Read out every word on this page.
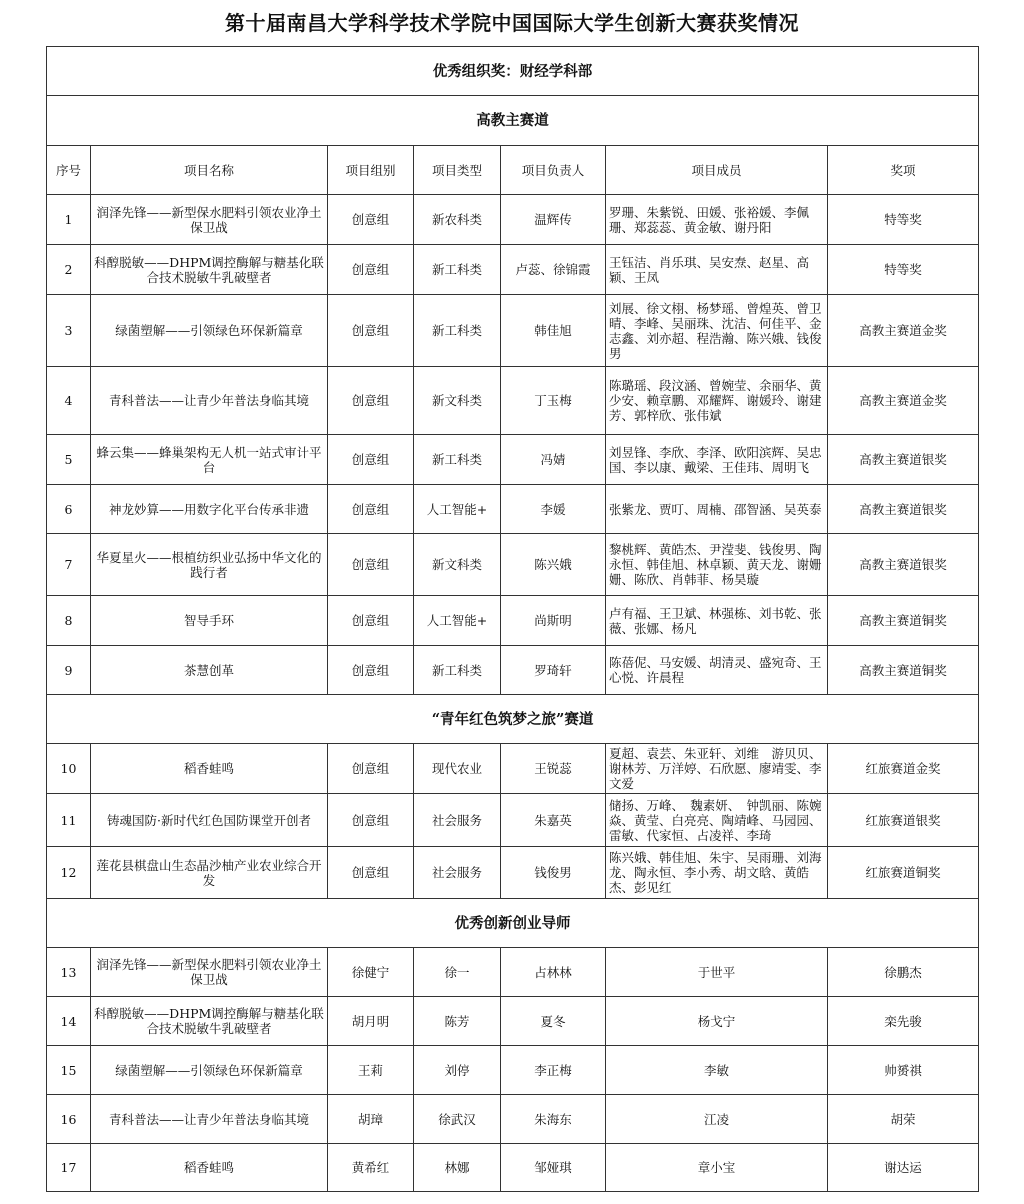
第十届南昌大学科学技术学院中国国际大学生创新大赛获奖情况
优秀组织奖：财经学科部						
高教主赛道						
序号	项目名称	项目组别	项目类型	项目负责人	项目成员	奖项
1	润泽先锋——新型保水肥料引领农业净土保卫战	创意组	新农科类	温辉传	罗珊、朱紫锐、田媛、张裕媛、李佩珊、郑蕊蕊、黄金敏、谢丹阳	特等奖
2	科醇脱敏——DHPM调控酶解与糖基化联合技术脱敏牛乳破壁者	创意组	新工科类	卢蕊、徐锦霞	王钰洁、肖乐琪、吴安焘、赵星、高颖、王凤	特等奖
3	绿菌塑解——引领绿色环保新篇章	创意组	新工科类	韩佳旭	刘展、徐文栩、杨梦瑶、曾煌英、曾卫晴、李峰、吴丽珠、沈洁、何佳平、金志鑫、刘亦超、程浩瀚、陈兴娥、钱俊男	高教主赛道金奖
4	青科普法——让青少年普法身临其境	创意组	新文科类	丁玉梅	陈璐瑶、段汶涵、曾婉莹、余丽华、黄少安、赖章鹏、邓耀辉、谢媛玲、谢建芳、郭梓欣、张伟斌	高教主赛道金奖
5	蜂云集——蜂巢架构无人机一站式审计平台	创意组	新工科类	冯婧	刘昱锋、李欣、李泽、欧阳滨辉、吴忠国、李以康、戴梁、王佳玮、周明飞	高教主赛道银奖
6	神龙妙算——用数字化平台传承非遗	创意组	人工智能+	李媛	张紫龙、贾叮、周楠、邵智涵、吴英泰	高教主赛道银奖
7	华夏星火——根植纺织业弘扬中华文化的　践行者	创意组	新文科类	陈兴娥	黎桃辉、黄皓杰、尹滢斐、钱俊男、陶永恒、韩佳旭、林卓颖、黄天龙、谢姗姗、陈欣、肖韩菲、杨昊璇	高教主赛道银奖
8	智导手环	创意组	人工智能+	尚斯明	卢有福、王卫斌、林强栋、刘书乾、张薇、张娜、杨凡	高教主赛道铜奖
9	茶慧创革	创意组	新工科类	罗琦轩	陈蓓伲、马安媛、胡清灵、盛宛奇、王心悦、许晨程	高教主赛道铜奖
“青年红色筑梦之旅”赛道						
10	稻香蛙鸣	创意组	现代农业	王锐蕊	夏超、袁芸、朱亚轩、刘维　游贝贝、谢林芳、万洋婷、石欣愿、廖靖雯、李文爱	红旅赛道金奖
11	铸魂国防·新时代红色国防课堂开创者	创意组	社会服务	朱嘉英	储扬、万峰、　魏素妍、　钟凯丽、陈婉焱、黄莹、白亮亮、陶靖峰、马园园、雷敏、代家恒、占凌祥、李琦	红旅赛道银奖
12	莲花县棋盘山生态晶沙柚产业农业综合开发	创意组	社会服务	钱俊男	陈兴娥、韩佳旭、朱宇、吴雨珊、刘海龙、陶永恒、李小秀、胡文晗、黄皓杰、彭见红	红旅赛道铜奖
优秀创新创业导师						
13	润泽先锋——新型保水肥料引领农业净土保卫战	徐健宁	徐一	占林林	于世平	徐鹏杰
14	科醇脱敏——DHPM调控酶解与糖基化联合技术脱敏牛乳破壁者	胡月明	陈芳	夏冬	杨戈宁	栾先骏
15	绿菌塑解——引领绿色环保新篇章	王莉	刘停	李正梅	李敏	帅赟祺
16	青科普法——让青少年普法身临其境	胡璋	徐武汉	朱海东	江凌	胡荣
17	稻香蛙鸣	黄希红	林娜	邹娅琪	章小宝	谢达运
